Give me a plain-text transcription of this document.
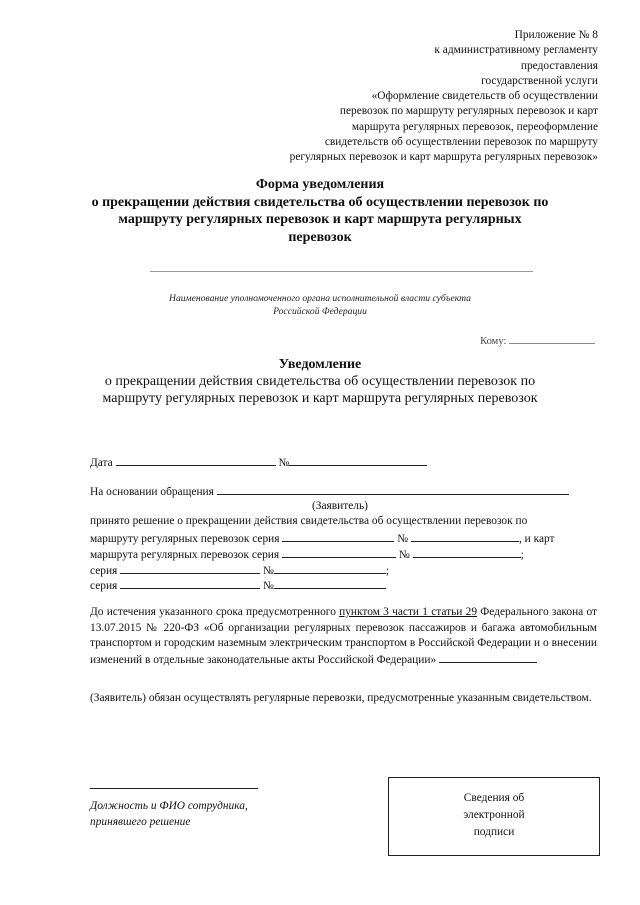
Приложение № 8
к административному регламенту
предоставления
государственной услуги
«Оформление свидетельств об осуществлении
перевозок по маршруту регулярных перевозок и карт
маршрута регулярных перевозок, переоформление
свидетельств об осуществлении перевозок по маршруту
регулярных перевозок и карт маршрута регулярных перевозок»
Форма уведомления
о прекращении действия свидетельства об осуществлении перевозок по
маршруту регулярных перевозок и карт маршрута регулярных
перевозок
Наименование уполномоченного органа исполнительной власти субъекта
Российской Федерации
Кому:
Уведомление
о прекращении действия свидетельства об осуществлении перевозок по
маршруту регулярных перевозок и карт маршрута регулярных перевозок
Дата	№
На основании обращения
(Заявитель)
принято решение о прекращении действия свидетельства об осуществлении перевозок по
маршруту регулярных перевозок серия	№	, и карт
маршрута регулярных перевозок серия	№	;
серия	№	;
серия	№
До истечения указанного срока предусмотренного пунктом 3 части 1 статьи 29 Федерального закона от 13.07.2015 № 220-ФЗ «Об организации регулярных перевозок пассажиров и багажа автомобильным транспортом и городским наземным электрическим транспортом в Российской Федерации и о внесении изменений в отдельные законодательные акты Российской Федерации»
(Заявитель) обязан осуществлять регулярные перевозки, предусмотренные указанным свидетельством.
Должность и ФИО сотрудника,
принявшего решение
Сведения об
электронной
подписи
